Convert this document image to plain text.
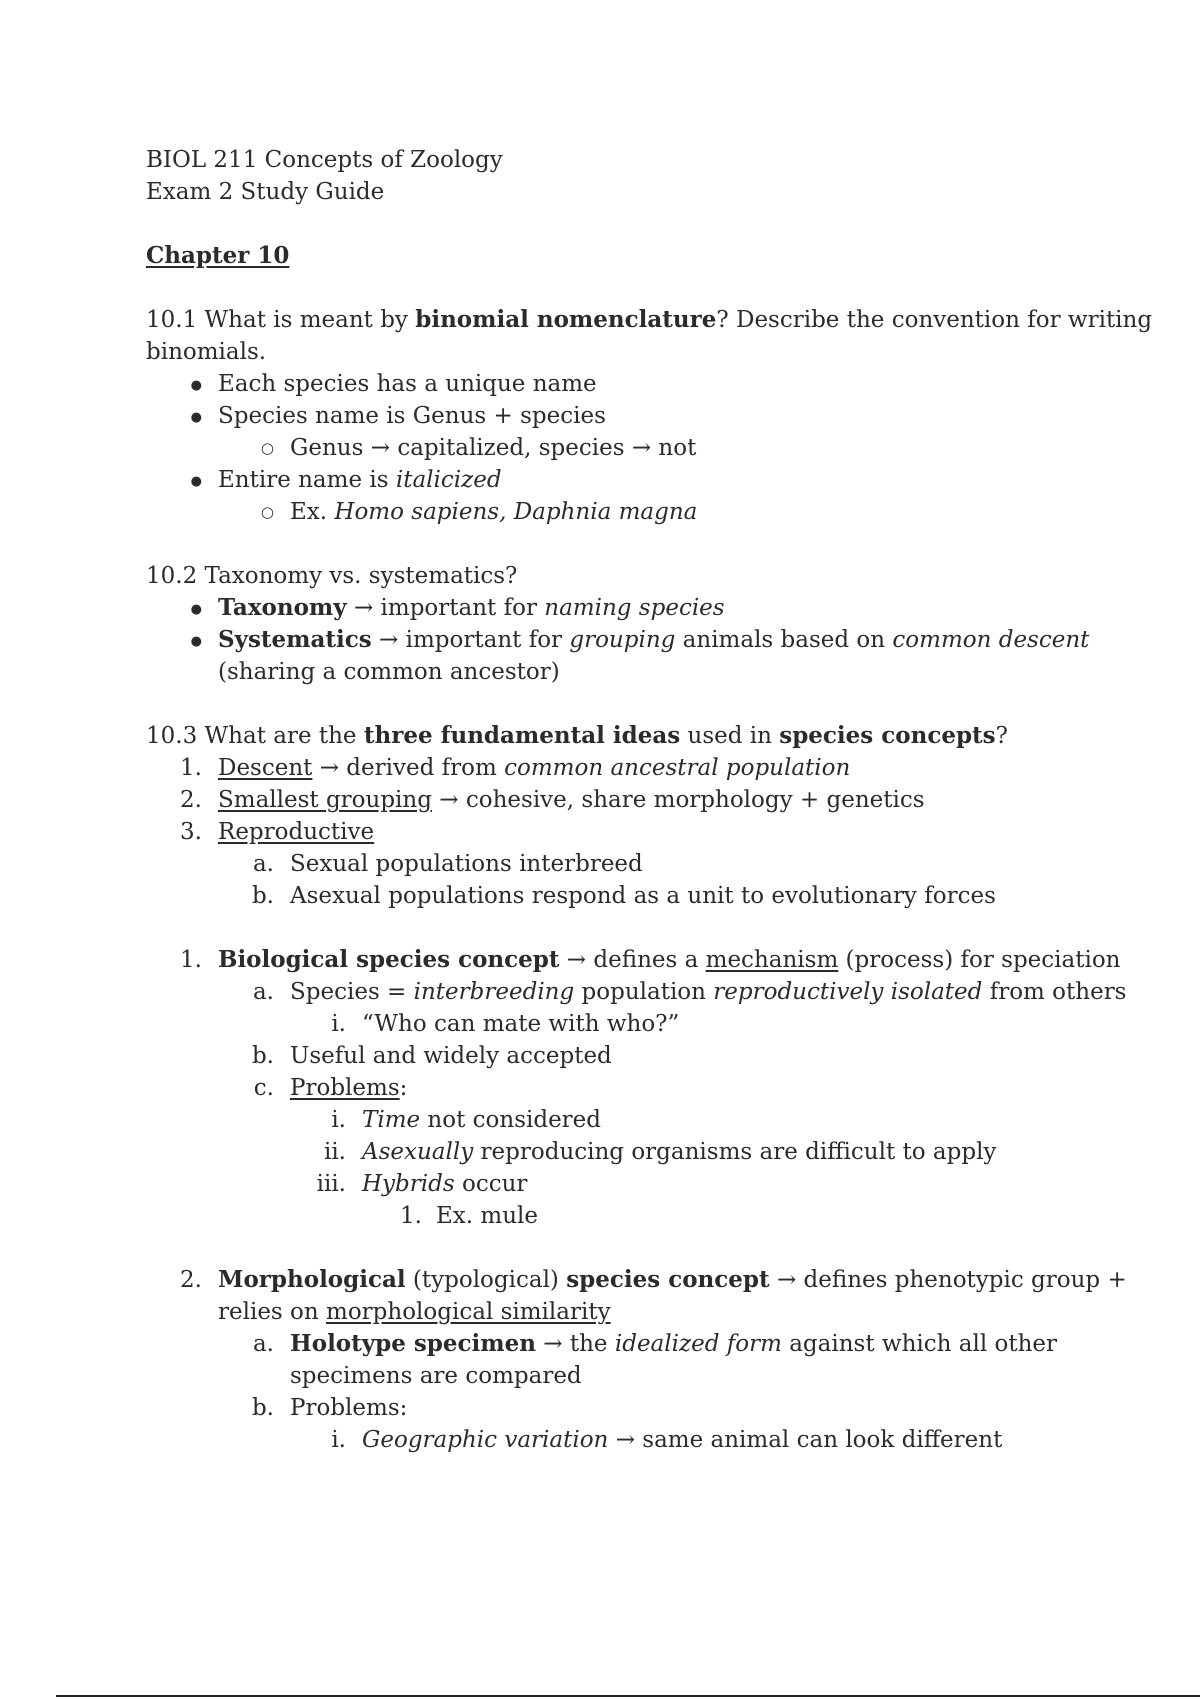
BIOL 211 Concepts of Zoology
Exam 2 Study Guide
Chapter 10
10.1 What is meant by binomial nomenclature? Describe the convention for writing
binomials.
●
Each species has a unique name
●
Species name is Genus + species
○
Genus → capitalized, species → not
●
Entire name is italicized
○
Ex. Homo sapiens, Daphnia magna
10.2 Taxonomy vs. systematics?
●
Taxonomy → important for naming species
●
Systematics → important for grouping animals based on common descent
(sharing a common ancestor)
10.3 What are the three fundamental ideas used in species concepts?
1. Descent → derived from common ancestral population
2. Smallest grouping → cohesive, share morphology + genetics
3. Reproductive
a. Sexual populations interbreed
b. Asexual populations respond as a unit to evolutionary forces
1. Biological species concept → defines a mechanism (process) for speciation
a. Species = interbreeding population reproductively isolated from others
i. “Who can mate with who?”
b. Useful and widely accepted
c. Problems:
i. Time not considered
ii. Asexually reproducing organisms are difficult to apply
iii. Hybrids occur
1. Ex. mule
2. Morphological (typological) species concept → defines phenotypic group +
relies on morphological similarity
a. Holotype specimen → the idealized form against which all other
specimens are compared
b. Problems:
i. Geographic variation → same animal can look different
